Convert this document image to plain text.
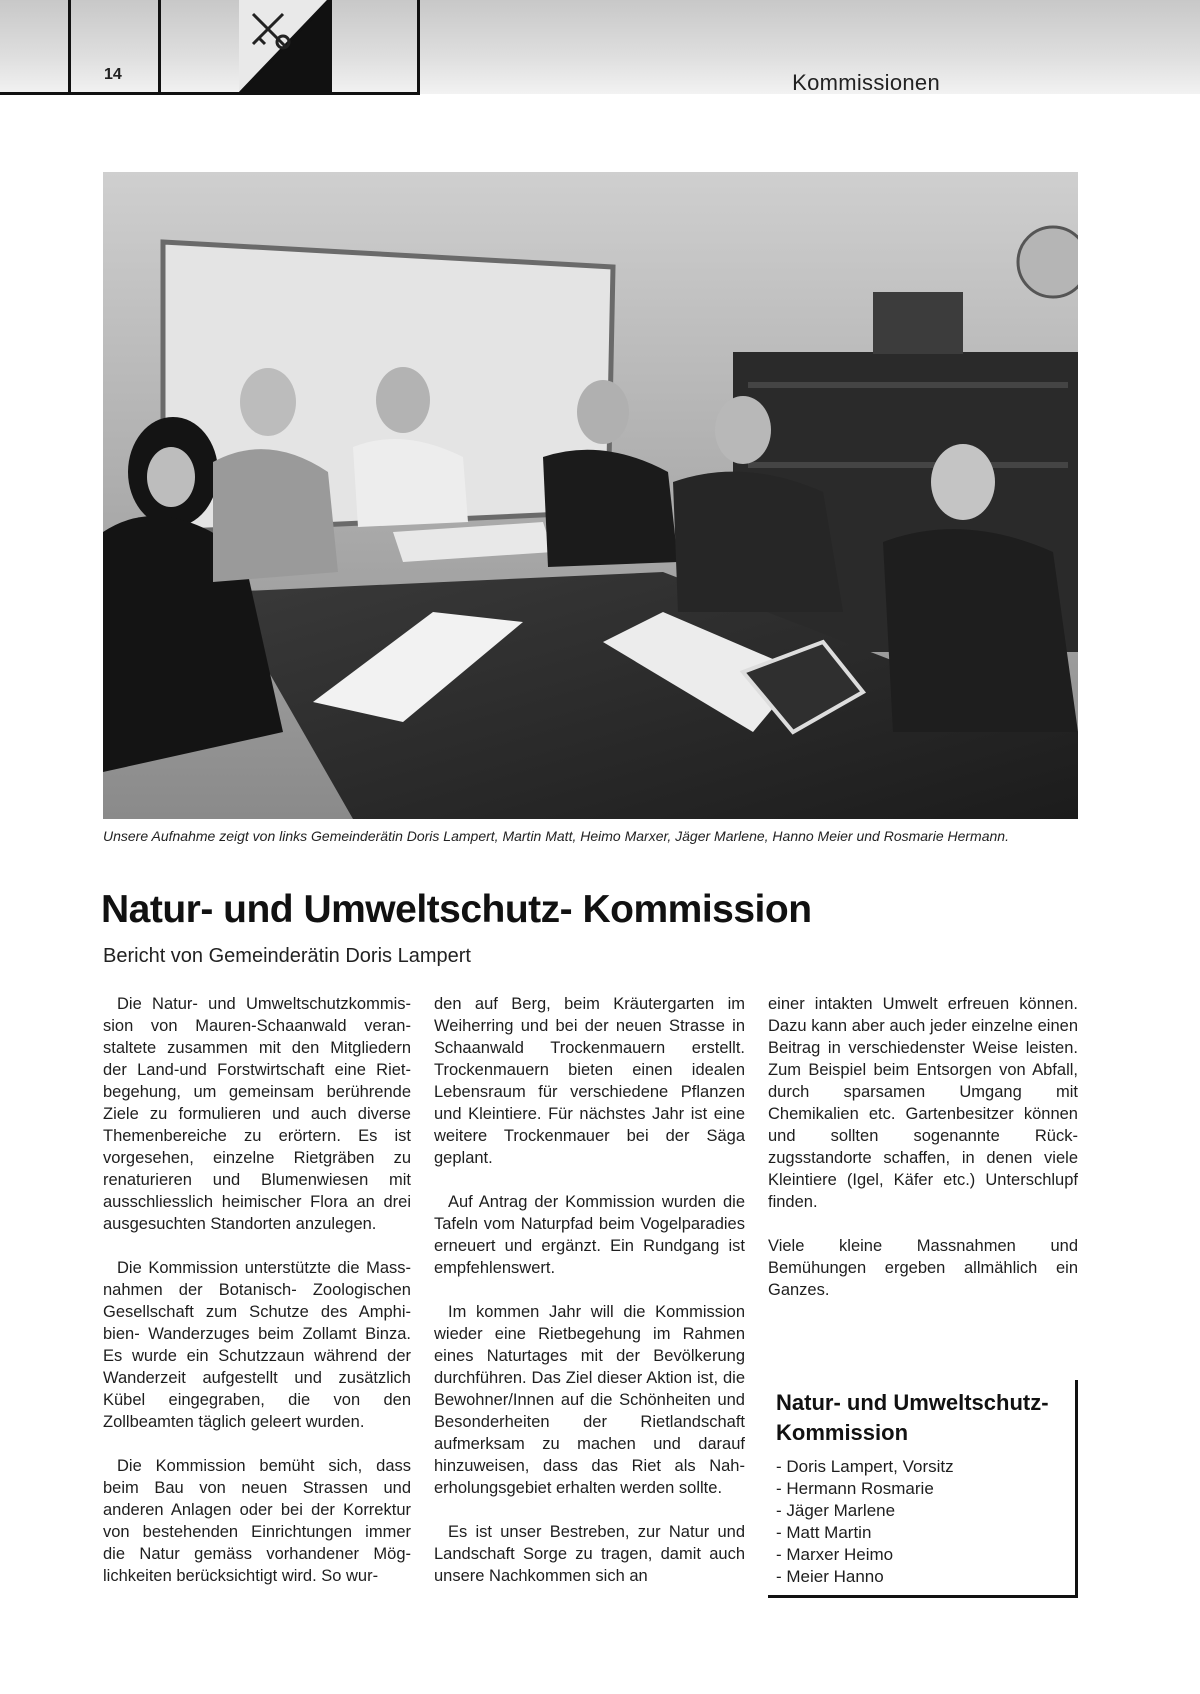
14	Kommissionen
Unsere Aufnahme zeigt von links Gemeinderätin Doris Lampert, Martin Matt, Heimo Marxer, Jäger Marlene, Hanno Meier und Rosmarie Hermann.
Natur- und Umweltschutz- Kommission
Bericht von Gemeinderätin Doris Lampert

Die Natur- und Umweltschutzkommission von Mauren-Schaanwald veranstaltete zusammen mit den Mitgliedern der Land-und Forstwirtschaft eine Rietbegehung, um gemeinsam berührende Ziele zu formulieren und auch diverse Themenbereiche zu erörtern. Es ist vorgesehen, einzelne Rietgräben zu renaturieren und Blumenwiesen mit ausschliesslich heimischer Flora an drei ausgesuchten Standorten anzulegen.

Die Kommission unterstützte die Massnahmen der Botanisch- Zoologischen Gesellschaft zum Schutze des Amphibien- Wanderzuges beim Zollamt Binza. Es wurde ein Schutzzaun während der Wanderzeit aufgestellt und zusätzlich Kübel eingegraben, die von den Zollbeamten täglich geleert wurden.

Die Kommission bemüht sich, dass beim Bau von neuen Strassen und anderen Anlagen oder bei der Korrektur von bestehenden Einrichtungen immer die Natur gemäss vorhandener Möglichkeiten berücksichtigt wird. So wur-

den auf Berg, beim Kräutergarten im Weiherring und bei der neuen Strasse in Schaanwald Trockenmauern erstellt. Trockenmauern bieten einen idealen Lebensraum für verschiedene Pflanzen und Kleintiere. Für nächstes Jahr ist eine weitere Trockenmauer bei der Säga geplant.

Auf Antrag der Kommission wurden die Tafeln vom Naturpfad beim Vogelparadies erneuert und ergänzt. Ein Rundgang ist empfehlenswert.

Im kommen Jahr will die Kommission wieder eine Rietbegehung im Rahmen eines Naturtages mit der Bevölkerung durchführen. Das Ziel dieser Aktion ist, die Bewohner/Innen auf die Schönheiten und Besonderheiten der Rietlandschaft aufmerksam zu machen und darauf hinzuweisen, dass das Riet als Naherholungsgebiet erhalten werden sollte.

Es ist unser Bestreben, zur Natur und Landschaft Sorge zu tragen, damit auch unsere Nachkommen sich an

einer intakten Umwelt erfreuen können. Dazu kann aber auch jeder einzelne einen Beitrag in verschiedenster Weise leisten. Zum Beispiel beim Entsorgen von Abfall, durch sparsamen Umgang mit Chemikalien etc. Gartenbesitzer können und sollten sogenannte Rückzugsstandorte schaffen, in denen viele Kleintiere (Igel, Käfer etc.) Unterschlupf finden.

Viele kleine Massnahmen und Bemühungen ergeben allmählich ein Ganzes.

Natur- und Umweltschutz-Kommission
- Doris Lampert, Vorsitz
- Hermann Rosmarie
- Jäger Marlene
- Matt Martin
- Marxer Heimo
- Meier Hanno
